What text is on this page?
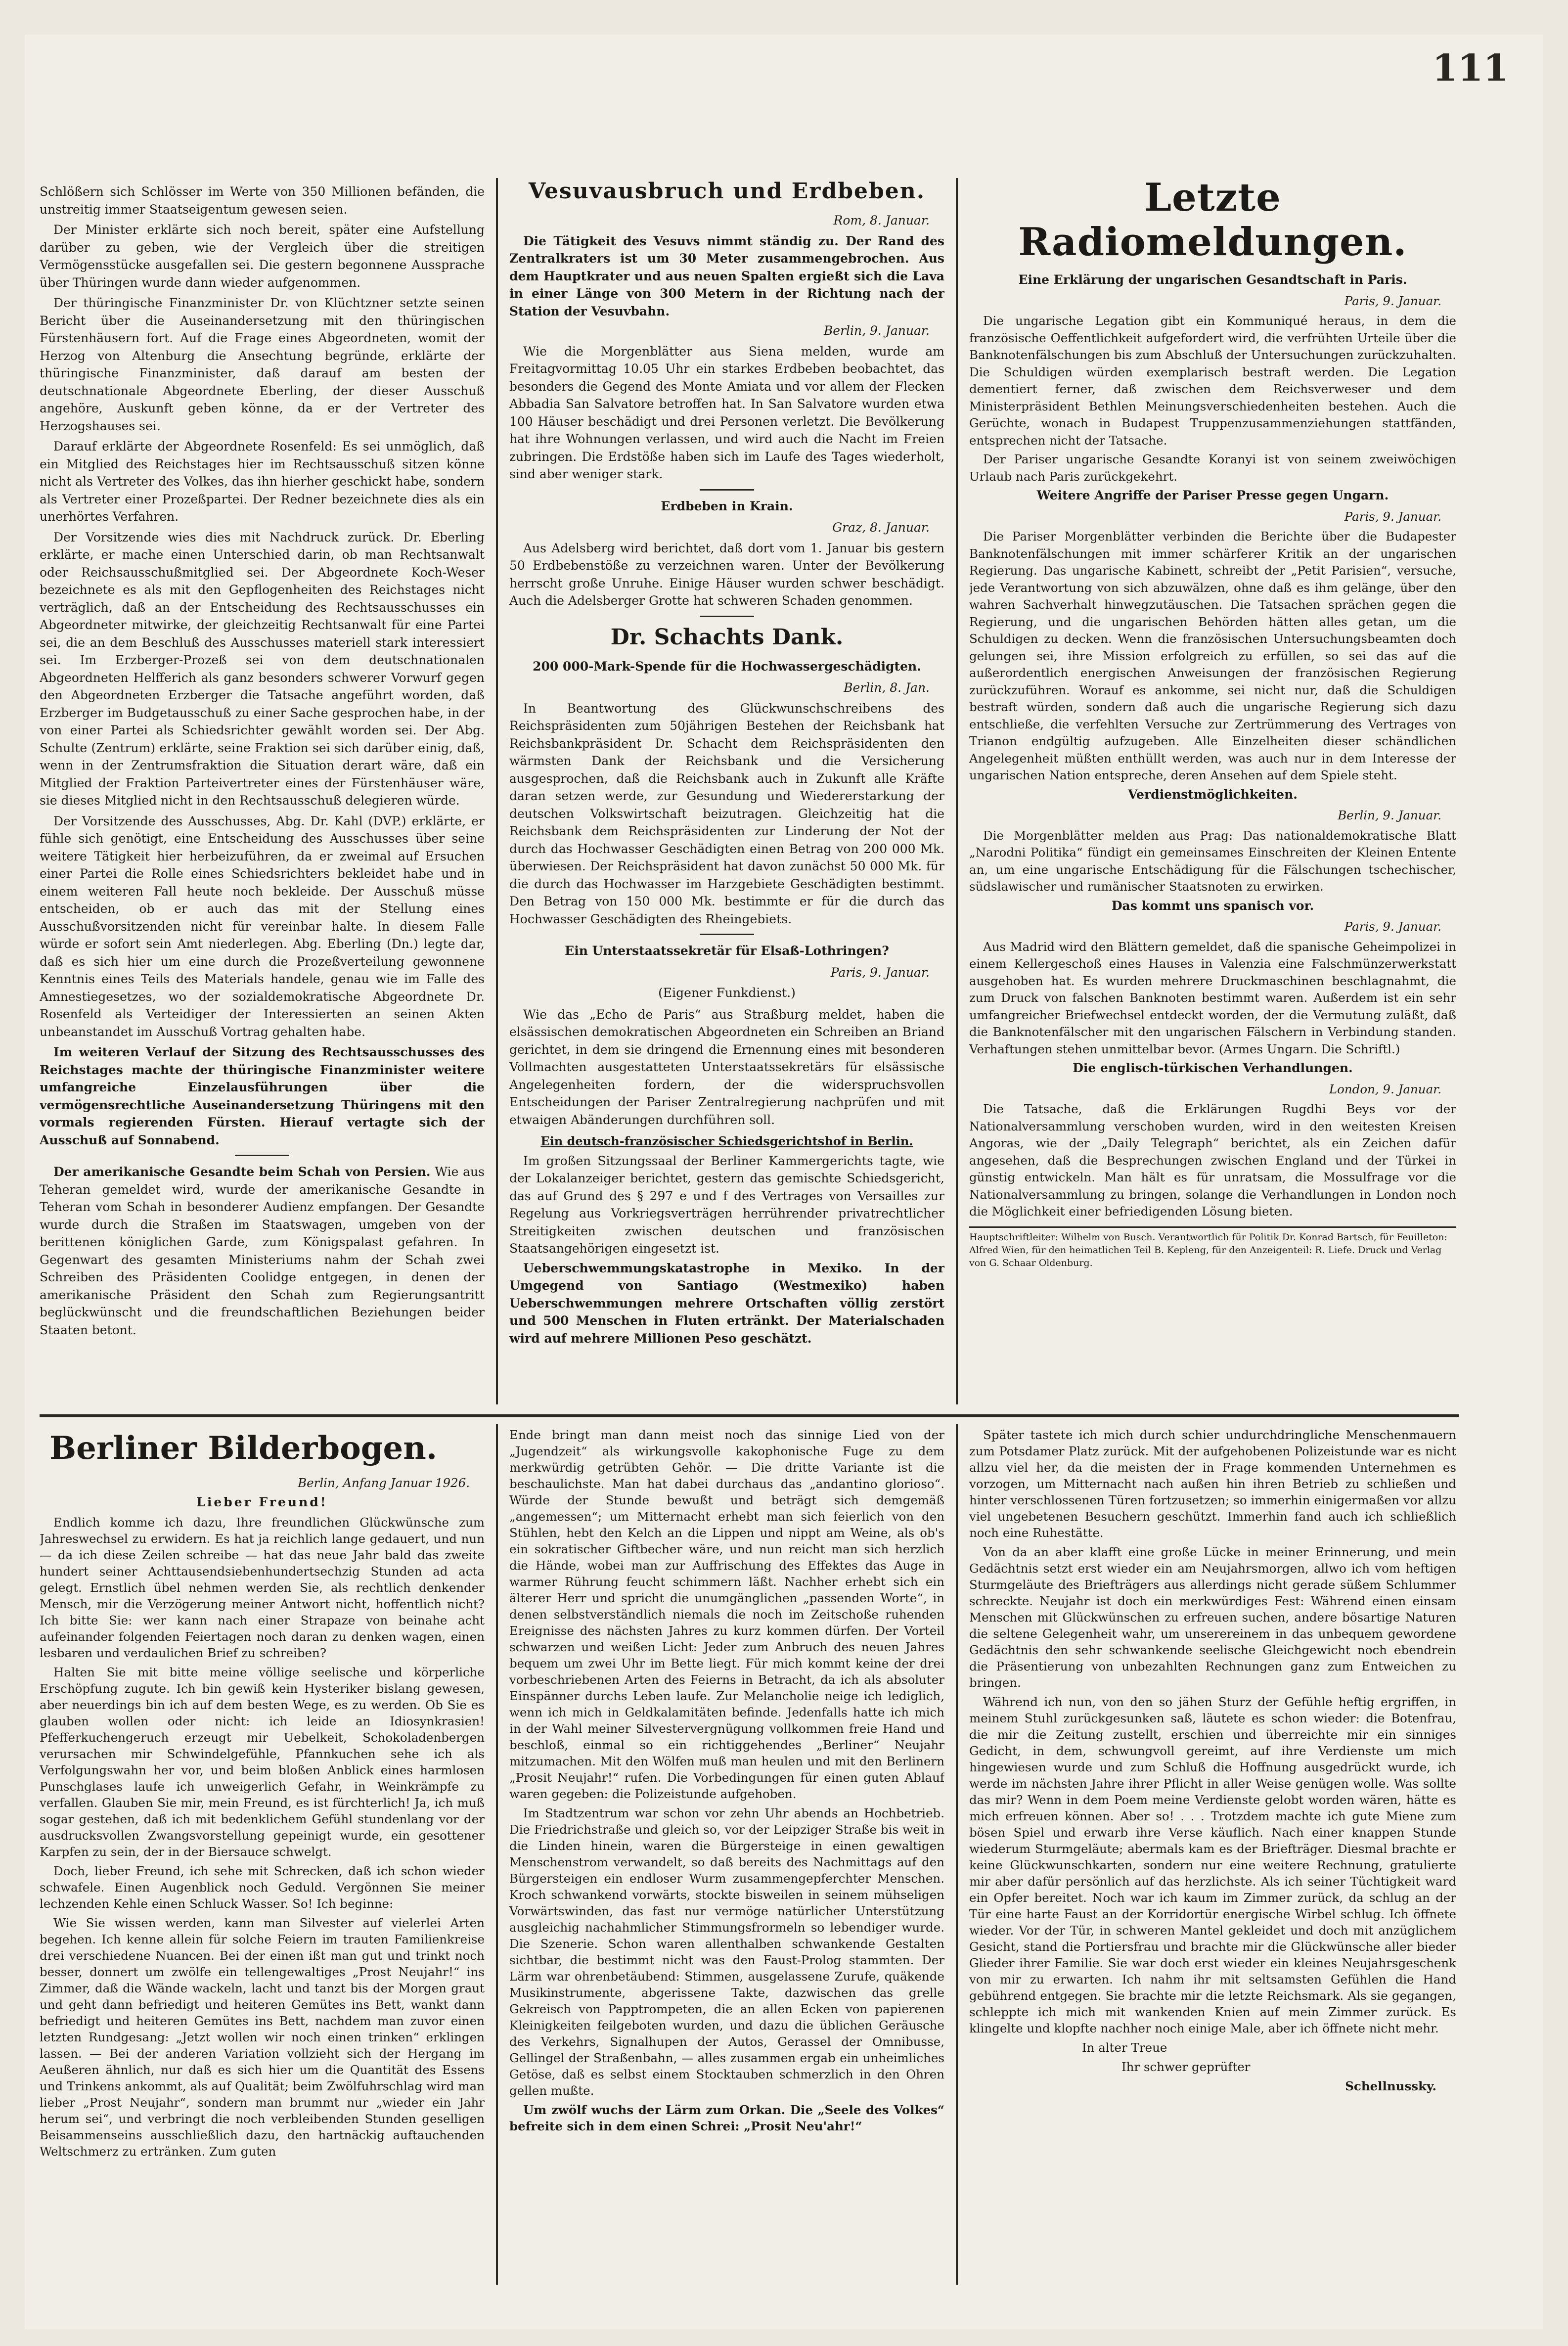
111

Schlößern sich Schlösser im Werte von 350 Millionen befänden, die unstreitig immer Staatseigentum gewesen seien.

Der Minister erklärte sich noch bereit, später eine Aufstellung darüber zu geben, wie der Vergleich über die streitigen Vermögensstücke ausgefallen sei. Die gestern begonnene Aussprache über Thüringen wurde dann wieder aufgenommen.

Der thüringische Finanzminister Dr. von Klüchtzner setzte seinen Bericht über die Auseinandersetzung mit den thüringischen Fürstenhäusern fort. Auf die Frage eines Abgeordneten, womit der Herzog von Altenburg die Ansechtung begründe, erklärte der thüringische Finanzminister, daß darauf am besten der deutschnationale Abgeordnete Eberling, der dieser Ausschuß angehöre, Auskunft geben könne, da er der Vertreter des Herzogshauses sei.

Darauf erklärte der Abgeordnete Rosenfeld: Es sei unmöglich, daß ein Mitglied des Reichstages hier im Rechtsausschuß sitzen könne nicht als Vertreter des Volkes, das ihn hierher geschickt habe, sondern als Vertreter einer Prozeßpartei. Der Redner bezeichnete dies als ein unerhörtes Verfahren.

Der Vorsitzende wies dies mit Nachdruck zurück. Dr. Eberling erklärte, er mache einen Unterschied darin, ob man Rechtsanwalt oder Reichsausschußmitglied sei. Der Abgeordnete Koch-Weser bezeichnete es als mit den Gepflogenheiten des Reichstages nicht verträglich, daß an der Entscheidung des Rechtsausschusses ein Abgeordneter mitwirke, der gleichzeitig Rechtsanwalt für eine Partei sei, die an dem Beschluß des Ausschusses materiell stark interessiert sei. Im Erzberger-Prozeß sei von dem deutschnationalen Abgeordneten Helfferich als ganz besonders schwerer Vorwurf gegen den Abgeordneten Erzberger die Tatsache angeführt worden, daß Erzberger im Budgetausschuß zu einer Sache gesprochen habe, in der von einer Partei als Schiedsrichter gewählt worden sei. Der Abg. Schulte (Zentrum) erklärte, seine Fraktion sei sich darüber einig, daß, wenn in der Zentrumsfraktion die Situation derart wäre, daß ein Mitglied der Fraktion Parteivertreter eines der Fürstenhäuser wäre, sie dieses Mitglied nicht in den Rechtsausschuß delegieren würde.

Der Vorsitzende des Ausschusses, Abg. Dr. Kahl (DVP.) erklärte, er fühle sich genötigt, eine Entscheidung des Ausschusses über seine weitere Tätigkeit hier herbeizuführen, da er zweimal auf Ersuchen einer Partei die Rolle eines Schiedsrichters bekleidet habe und in einem weiteren Fall heute noch bekleide. Der Ausschuß müsse entscheiden, ob er auch das mit der Stellung eines Ausschußvorsitzenden nicht für vereinbar halte. In diesem Falle würde er sofort sein Amt niederlegen. Abg. Eberling (Dn.) legte dar, daß es sich hier um eine durch die Prozeßverteilung gewonnene Kenntnis eines Teils des Materials handele, genau wie im Falle des Amnestiegesetzes, wo der sozialdemokratische Abgeordnete Dr. Rosenfeld als Verteidiger der Interessierten an seinen Akten unbeanstandet im Ausschuß Vortrag gehalten habe.

Im weiteren Verlauf der Sitzung des Rechtsausschusses des Reichstages machte der thüringische Finanzminister weitere umfangreiche Einzelausführungen über die vermögensrechtliche Auseinandersetzung Thüringens mit den vormals regierenden Fürsten. Hierauf vertagte sich der Ausschuß auf Sonnabend.

Der amerikanische Gesandte beim Schah von Persien. Wie aus Teheran gemeldet wird, wurde der amerikanische Gesandte in Teheran vom Schah in besonderer Audienz empfangen. Der Gesandte wurde durch die Straßen im Staatswagen, umgeben von der berittenen königlichen Garde, zum Königspalast gefahren. In Gegenwart des gesamten Ministeriums nahm der Schah zwei Schreiben des Präsidenten Coolidge entgegen, in denen der amerikanische Präsident den Schah zum Regierungsantritt beglückwünscht und die freundschaftlichen Beziehungen beider Staaten betont.

Vesuvausbruch und Erdbeben.
Rom, 8. Januar.

Die Tätigkeit des Vesuvs nimmt ständig zu. Der Rand des Zentralkraters ist um 30 Meter zusammengebrochen. Aus dem Hauptkrater und aus neuen Spalten ergießt sich die Lava in einer Länge von 300 Metern in der Richtung nach der Station der Vesuvbahn.

Berlin, 9. Januar.

Wie die Morgenblätter aus Siena melden, wurde am Freitagvormittag 10.05 Uhr ein starkes Erdbeben beobachtet, das besonders die Gegend des Monte Amiata und vor allem der Flecken Abbadia San Salvatore betroffen hat. In San Salvatore wurden etwa 100 Häuser beschädigt und drei Personen verletzt. Die Bevölkerung hat ihre Wohnungen verlassen, und wird auch die Nacht im Freien zubringen. Die Erdstöße haben sich im Laufe des Tages wiederholt, sind aber weniger stark.

Erdbeben in Krain.
Graz, 8. Januar.

Aus Adelsberg wird berichtet, daß dort vom 1. Januar bis gestern 50 Erdbebenstöße zu verzeichnen waren. Unter der Bevölkerung herrscht große Unruhe. Einige Häuser wurden schwer beschädigt. Auch die Adelsberger Grotte hat schweren Schaden genommen.

Dr. Schachts Dank.
200 000-Mark-Spende für die Hochwassergeschädigten.
Berlin, 8. Jan.

In Beantwortung des Glückwunschschreibens des Reichspräsidenten zum 50jährigen Bestehen der Reichsbank hat Reichsbankpräsident Dr. Schacht dem Reichspräsidenten den wärmsten Dank der Reichsbank und die Versicherung ausgesprochen, daß die Reichsbank auch in Zukunft alle Kräfte daran setzen werde, zur Gesundung und Wiedererstarkung der deutschen Volkswirtschaft beizutragen. Gleichzeitig hat die Reichsbank dem Reichspräsidenten zur Linderung der Not der durch das Hochwasser Geschädigten einen Betrag von 200 000 Mk. überwiesen. Der Reichspräsident hat davon zunächst 50 000 Mk. für die durch das Hochwasser im Harzgebiete Geschädigten bestimmt. Den Betrag von 150 000 Mk. bestimmte er für die durch das Hochwasser Geschädigten des Rheingebiets.

Ein Unterstaatssekretär für Elsaß-Lothringen?
Paris, 9. Januar.
(Eigener Funkdienst.)

Wie das „Echo de Paris“ aus Straßburg meldet, haben die elsässischen demokratischen Abgeordneten ein Schreiben an Briand gerichtet, in dem sie dringend die Ernennung eines mit besonderen Vollmachten ausgestatteten Unterstaatssekretärs für elsässische Angelegenheiten fordern, der die widerspruchsvollen Entscheidungen der Pariser Zentralregierung nachprüfen und mit etwaigen Abänderungen durchführen soll.

Ein deutsch-französischer Schiedsgerichtshof in Berlin.

Im großen Sitzungssaal der Berliner Kammergerichts tagte, wie der Lokalanzeiger berichtet, gestern das gemischte Schiedsgericht, das auf Grund des § 297 e und f des Vertrages von Versailles zur Regelung aus Vorkriegsverträgen herrührender privatrechtlicher Streitigkeiten zwischen deutschen und französischen Staatsangehörigen eingesetzt ist.

Ueberschwemmungskatastrophe in Mexiko. In der Umgegend von Santiago (Westmexiko) haben Ueberschwemmungen mehrere Ortschaften völlig zerstört und 500 Menschen in Fluten ertränkt. Der Materialschaden wird auf mehrere Millionen Peso geschätzt.

Letzte Radiomeldungen.
Eine Erklärung der ungarischen Gesandtschaft in Paris.
Paris, 9. Januar.

Die ungarische Legation gibt ein Kommuniqué heraus, in dem die französische Oeffentlichkeit aufgefordert wird, die verfrühten Urteile über die Banknotenfälschungen bis zum Abschluß der Untersuchungen zurückzuhalten. Die Schuldigen würden exemplarisch bestraft werden. Die Legation dementiert ferner, daß zwischen dem Reichsverweser und dem Ministerpräsident Bethlen Meinungsverschiedenheiten bestehen. Auch die Gerüchte, wonach in Budapest Truppenzusammenziehungen stattfänden, entsprechen nicht der Tatsache.

Der Pariser ungarische Gesandte Koranyi ist von seinem zweiwöchigen Urlaub nach Paris zurückgekehrt.

Weitere Angriffe der Pariser Presse gegen Ungarn.
Paris, 9. Januar.

Die Pariser Morgenblätter verbinden die Berichte über die Budapester Banknotenfälschungen mit immer schärferer Kritik an der ungarischen Regierung. Das ungarische Kabinett, schreibt der „Petit Parisien“, versuche, jede Verantwortung von sich abzuwälzen, ohne daß es ihm gelänge, über den wahren Sachverhalt hinwegzutäuschen. Die Tatsachen sprächen gegen die Regierung, und die ungarischen Behörden hätten alles getan, um die Schuldigen zu decken. Wenn die französischen Untersuchungsbeamten doch gelungen sei, ihre Mission erfolgreich zu erfüllen, so sei das auf die außerordentlich energischen Anweisungen der französischen Regierung zurückzuführen. Worauf es ankomme, sei nicht nur, daß die Schuldigen bestraft würden, sondern daß auch die ungarische Regierung sich dazu entschließe, die verfehlten Versuche zur Zertrümmerung des Vertrages von Trianon endgültig aufzugeben. Alle Einzelheiten dieser schändlichen Angelegenheit müßten enthüllt werden, was auch nur in dem Interesse der ungarischen Nation entspreche, deren Ansehen auf dem Spiele steht.

Verdienstmöglichkeiten.
Berlin, 9. Januar.

Die Morgenblätter melden aus Prag: Das nationaldemokratische Blatt „Narodni Politika“ fündigt ein gemeinsames Einschreiten der Kleinen Entente an, um eine ungarische Entschädigung für die Fälschungen tschechischer, südslawischer und rumänischer Staatsnoten zu erwirken.

Das kommt uns spanisch vor.
Paris, 9. Januar.

Aus Madrid wird den Blättern gemeldet, daß die spanische Geheimpolizei in einem Kellergeschoß eines Hauses in Valenzia eine Falschmünzerwerkstatt ausgehoben hat. Es wurden mehrere Druckmaschinen beschlagnahmt, die zum Druck von falschen Banknoten bestimmt waren. Außerdem ist ein sehr umfangreicher Briefwechsel entdeckt worden, der die Vermutung zuläßt, daß die Banknotenfälscher mit den ungarischen Fälschern in Verbindung standen. Verhaftungen stehen unmittelbar bevor. (Armes Ungarn. Die Schriftl.)

Die englisch-türkischen Verhandlungen.
London, 9. Januar.

Die Tatsache, daß die Erklärungen Rugdhi Beys vor der Nationalversammlung verschoben wurden, wird in den weitesten Kreisen Angoras, wie der „Daily Telegraph“ berichtet, als ein Zeichen dafür angesehen, daß die Besprechungen zwischen England und der Türkei in günstig entwickeln. Man hält es für unratsam, die Mossulfrage vor die Nationalversammlung zu bringen, solange die Verhandlungen in London noch die Möglichkeit einer befriedigenden Lösung bieten.

Hauptschriftleiter: Wilhelm von Busch. Verantwortlich für Politik Dr. Konrad Bartsch, für Feuilleton: Alfred Wien, für den heimatlichen Teil B. Kepleng, für den Anzeigenteil: R. Liefe. Druck und Verlag von G. Schaar Oldenburg.
Berliner Bilderbogen.
Berlin, Anfang Januar 1926.
Lieber Freund!

Endlich komme ich dazu, Ihre freundlichen Glückwünsche zum Jahreswechsel zu erwidern. Es hat ja reichlich lange gedauert, und nun — da ich diese Zeilen schreibe — hat das neue Jahr bald das zweite hundert seiner Achttausendsiebenhundertsechzig Stunden ad acta gelegt. Ernstlich übel nehmen werden Sie, als rechtlich denkender Mensch, mir die Verzögerung meiner Antwort nicht, hoffentlich nicht? Ich bitte Sie: wer kann nach einer Strapaze von beinahe acht aufeinander folgenden Feiertagen noch daran zu denken wagen, einen lesbaren und verdaulichen Brief zu schreiben?

Halten Sie mit bitte meine völlige seelische und körperliche Erschöpfung zugute. Ich bin gewiß kein Hysteriker bislang gewesen, aber neuerdings bin ich auf dem besten Wege, es zu werden. Ob Sie es glauben wollen oder nicht: ich leide an Idiosynkrasien! Pfefferkuchengeruch erzeugt mir Uebelkeit, Schokoladenbergen verursachen mir Schwindelgefühle, Pfannkuchen sehe ich als Verfolgungswahn her vor, und beim bloßen Anblick eines harmlosen Punschglases laufe ich unweigerlich Gefahr, in Weinkrämpfe zu verfallen. Glauben Sie mir, mein Freund, es ist fürchterlich! Ja, ich muß sogar gestehen, daß ich mit bedenklichem Gefühl stundenlang vor der ausdrucksvollen Zwangsvorstellung gepeinigt wurde, ein gesottener Karpfen zu sein, der in der Biersauce schwelgt.

Doch, lieber Freund, ich sehe mit Schrecken, daß ich schon wieder schwafele. Einen Augenblick noch Geduld. Vergönnen Sie meiner lechzenden Kehle einen Schluck Wasser. So! Ich beginne:

Wie Sie wissen werden, kann man Silvester auf vielerlei Arten begehen. Ich kenne allein für solche Feiern im trauten Familienkreise drei verschiedene Nuancen. Bei der einen ißt man gut und trinkt noch besser, donnert um zwölfe ein tellengewaltiges „Prost Neujahr!“ ins Zimmer, daß die Wände wackeln, lacht und tanzt bis der Morgen graut und geht dann befriedigt und heiteren Gemütes ins Bett, wankt dann befriedigt und heiteren Gemütes ins Bett, nachdem man zuvor einen letzten Rundgesang: „Jetzt wollen wir noch einen trinken“ erklingen lassen. — Bei der anderen Variation vollzieht sich der Hergang im Aeußeren ähnlich, nur daß es sich hier um die Quantität des Essens und Trinkens ankommt, als auf Qualität; beim Zwölfuhrschlag wird man lieber „Prost Neujahr“, sondern man brummt nur „wieder ein Jahr herum sei“, und verbringt die noch verbleibenden Stunden geselligen Beisammenseins ausschließlich dazu, den hartnäckig auftauchenden Weltschmerz zu ertränken. Zum guten

Ende bringt man dann meist noch das sinnige Lied von der „Jugendzeit“ als wirkungsvolle kakophonische Fuge zu dem merkwürdig getrübten Gehör. — Die dritte Variante ist die beschaulichste. Man hat dabei durchaus das „andantino glorioso“. Würde der Stunde bewußt und beträgt sich demgemäß „angemessen“; um Mitternacht erhebt man sich feierlich von den Stühlen, hebt den Kelch an die Lippen und nippt am Weine, als ob's ein sokratischer Giftbecher wäre, und nun reicht man sich herzlich die Hände, wobei man zur Auffrischung des Effektes das Auge in warmer Rührung feucht schimmern läßt. Nachher erhebt sich ein älterer Herr und spricht die unumgänglichen „passenden Worte“, in denen selbstverständlich niemals die noch im Zeitschoße ruhenden Ereignisse des nächsten Jahres zu kurz kommen dürfen. Der Vorteil schwarzen und weißen Licht: Jeder zum Anbruch des neuen Jahres bequem um zwei Uhr im Bette liegt. Für mich kommt keine der drei vorbeschriebenen Arten des Feierns in Betracht, da ich als absoluter Einspänner durchs Leben laufe. Zur Melancholie neige ich lediglich, wenn ich mich in Geldkalamitäten befinde. Jedenfalls hatte ich mich in der Wahl meiner Silvestervergnügung vollkommen freie Hand und beschloß, einmal so ein richtiggehendes „Berliner“ Neujahr mitzumachen. Mit den Wölfen muß man heulen und mit den Berlinern „Prosit Neujahr!“ rufen. Die Vorbedingungen für einen guten Ablauf waren gegeben: die Polizeistunde aufgehoben.

Im Stadtzentrum war schon vor zehn Uhr abends an Hochbetrieb. Die Friedrichstraße und gleich so, vor der Leipziger Straße bis weit in die Linden hinein, waren die Bürgersteige in einen gewaltigen Menschenstrom verwandelt, so daß bereits des Nachmittags auf den Bürgersteigen ein endloser Wurm zusammengepferchter Menschen. Kroch schwankend vorwärts, stockte bisweilen in seinem mühseligen Vorwärtswinden, das fast nur vermöge natürlicher Unterstützung ausgleichig nachahmlicher Stimmungsfrormeln so lebendiger wurde. Die Szenerie. Schon waren allenthalben schwankende Gestalten sichtbar, die bestimmt nicht was den Faust-Prolog stammten. Der Lärm war ohrenbetäubend: Stimmen, ausgelassene Zurufe, quäkende Musikinstrumente, abgerissene Takte, dazwischen das grelle Gekreisch von Papptrompeten, die an allen Ecken von papierenen Kleinigkeiten feilgeboten wurden, und dazu die üblichen Geräusche des Verkehrs, Signalhupen der Autos, Gerassel der Omnibusse, Gellingel der Straßenbahn, — alles zusammen ergab ein unheimliches Getöse, daß es selbst einem Stocktauben schmerzlich in den Ohren gellen mußte.

Um zwölf wuchs der Lärm zum Orkan. Die „Seele des Volkes“ befreite sich in dem einen Schrei: „Prosit Neu'ahr!“

Später tastete ich mich durch schier undurchdringliche Menschenmauern zum Potsdamer Platz zurück. Mit der aufgehobenen Polizeistunde war es nicht allzu viel her, da die meisten der in Frage kommenden Unternehmen es vorzogen, um Mitternacht nach außen hin ihren Betrieb zu schließen und hinter verschlossenen Türen fortzusetzen; so immerhin einigermaßen vor allzu viel ungebetenen Besuchern geschützt. Immerhin fand auch ich schließlich noch eine Ruhestätte.

Von da an aber klafft eine große Lücke in meiner Erinnerung, und mein Gedächtnis setzt erst wieder ein am Neujahrsmorgen, allwo ich vom heftigen Sturmgeläute des Briefträgers aus allerdings nicht gerade süßem Schlummer schreckte. Neujahr ist doch ein merkwürdiges Fest: Während einen einsam Menschen mit Glückwünschen zu erfreuen suchen, andere bösartige Naturen die seltene Gelegenheit wahr, um unserereinem in das unbequem gewordene Gedächtnis den sehr schwankende seelische Gleichgewicht noch ebendrein die Präsentierung von unbezahlten Rechnungen ganz zum Entweichen zu bringen.

Während ich nun, von den so jähen Sturz der Gefühle heftig ergriffen, in meinem Stuhl zurückgesunken saß, läutete es schon wieder: die Botenfrau, die mir die Zeitung zustellt, erschien und überreichte mir ein sinniges Gedicht, in dem, schwungvoll gereimt, auf ihre Verdienste um mich hingewiesen wurde und zum Schluß die Hoffnung ausgedrückt wurde, ich werde im nächsten Jahre ihrer Pflicht in aller Weise genügen wolle. Was sollte das mir? Wenn in dem Poem meine Verdienste gelobt worden wären, hätte es mich erfreuen können. Aber so! . . . Trotzdem machte ich gute Miene zum bösen Spiel und erwarb ihre Verse käuflich. Nach einer knappen Stunde wiederum Sturmgeläute; abermals kam es der Briefträger. Diesmal brachte er keine Glückwunschkarten, sondern nur eine weitere Rechnung, gratulierte mir aber dafür persönlich auf das herzlichste. Als ich seiner Tüchtigkeit ward ein Opfer bereitet. Noch war ich kaum im Zimmer zurück, da schlug an der Tür eine harte Faust an der Korridortür energische Wirbel schlug. Ich öffnete wieder. Vor der Tür, in schweren Mantel gekleidet und doch mit anzüglichem Gesicht, stand die Portiersfrau und brachte mir die Glückwünsche aller bieder Glieder ihrer Familie. Sie war doch erst wieder ein kleines Neujahrsgeschenk von mir zu erwarten. Ich nahm ihr mit seltsamsten Gefühlen die Hand gebührend entgegen. Sie brachte mir die letzte Reichsmark. Als sie gegangen, schleppte ich mich mit wankenden Knien auf mein Zimmer zurück. Es klingelte und klopfte nachher noch einige Male, aber ich öffnete nicht mehr.

In alter Treue

Ihr schwer geprüfter

Schellnussky.
